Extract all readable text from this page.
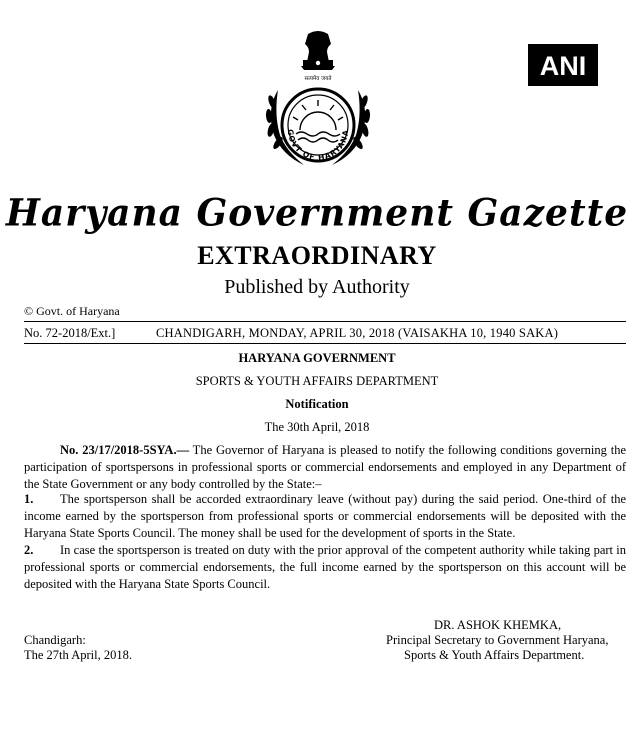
ANI
सत्यमेव जयते
GOVT OF HARYANA
Haryana Government Gazette
EXTRAORDINARY
Published by Authority
© Govt. of Haryana
No. 72-2018/Ext.]	CHANDIGARH, MONDAY, APRIL 30, 2018 (VAISAKHA 10, 1940 SAKA)
HARYANA GOVERNMENT
SPORTS & YOUTH AFFAIRS DEPARTMENT
Notification
The 30th April, 2018
No. 23/17/2018-5SYA.— The Governor of Haryana is pleased to notify the following conditions governing the participation of sportspersons in professional sports or commercial endorsements and employed in any Department of the State Government or any body controlled by the State:–
1. The sportsperson shall be accorded extraordinary leave (without pay) during the said period. One-third of the income earned by the sportsperson from professional sports or commercial endorsements will be deposited with the Haryana State Sports Council. The money shall be used for the development of sports in the State.
2. In case the sportsperson is treated on duty with the prior approval of the competent authority while taking part in professional sports or commercial endorsements, the full income earned by the sportsperson on this account will be deposited with the Haryana State Sports Council.
DR. ASHOK KHEMKA,
Principal Secretary to Government Haryana,
Sports & Youth Affairs Department.
Chandigarh:
The 27th April, 2018.
